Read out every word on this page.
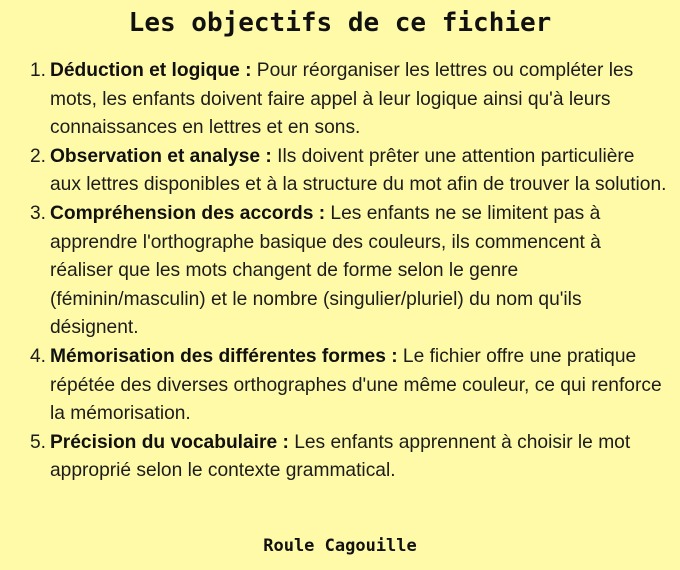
Les objectifs de ce fichier
1. Déduction et logique : Pour réorganiser les lettres ou compléter les mots, les enfants doivent faire appel à leur logique ainsi qu'à leurs connaissances en lettres et en sons.
2. Observation et analyse : Ils doivent prêter une attention particulière aux lettres disponibles et à la structure du mot afin de trouver la solution.
3. Compréhension des accords : Les enfants ne se limitent pas à apprendre l'orthographe basique des couleurs, ils commencent à réaliser que les mots changent de forme selon le genre (féminin/masculin) et le nombre (singulier/pluriel) du nom qu'ils désignent.
4. Mémorisation des différentes formes : Le fichier offre une pratique répétée des diverses orthographes d'une même couleur, ce qui renforce la mémorisation.
5. Précision du vocabulaire : Les enfants apprennent à choisir le mot approprié selon le contexte grammatical.
Roule Cagouille
